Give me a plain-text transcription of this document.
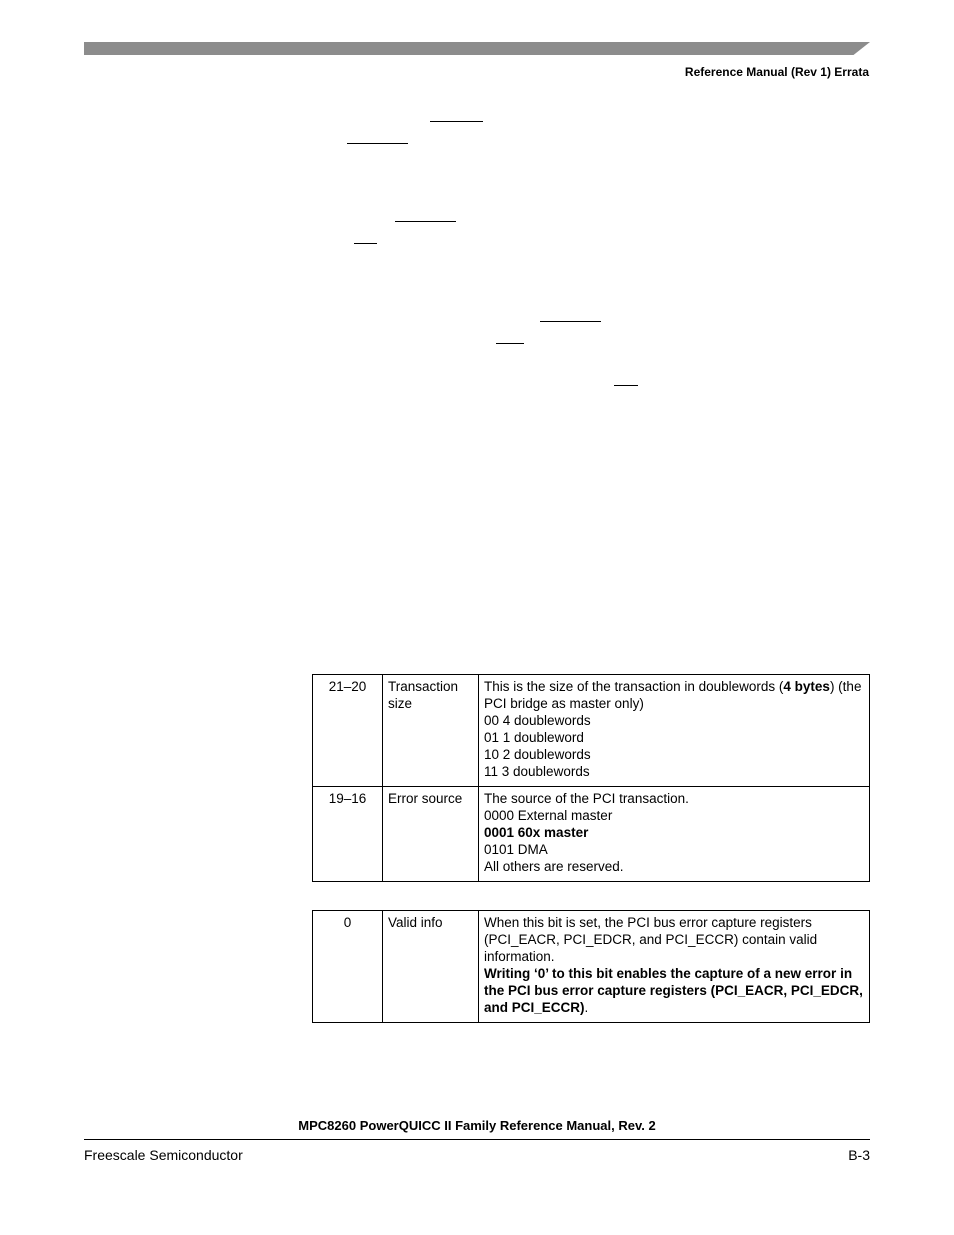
Reference Manual (Rev 1) Errata
21–20	Transaction size	This is the size of the transaction in doublewords (4 bytes) (the PCI bridge as master only)
00 4 doublewords
01 1 doubleword
10 2 doublewords
11 3 doublewords

19–16	Error source	The source of the PCI transaction.
0000 External master
0001 60x master
0101 DMA
All others are reserved.
0	Valid info	When this bit is set, the PCI bus error capture registers (PCI_EACR, PCI_EDCR, and PCI_ECCR) contain valid information.
Writing ‘0’ to this bit enables the capture of a new error in the PCI bus error capture registers (PCI_EACR, PCI_EDCR, and PCI_ECCR).
MPC8260 PowerQUICC II Family Reference Manual, Rev. 2
Freescale Semiconductor	B-3
